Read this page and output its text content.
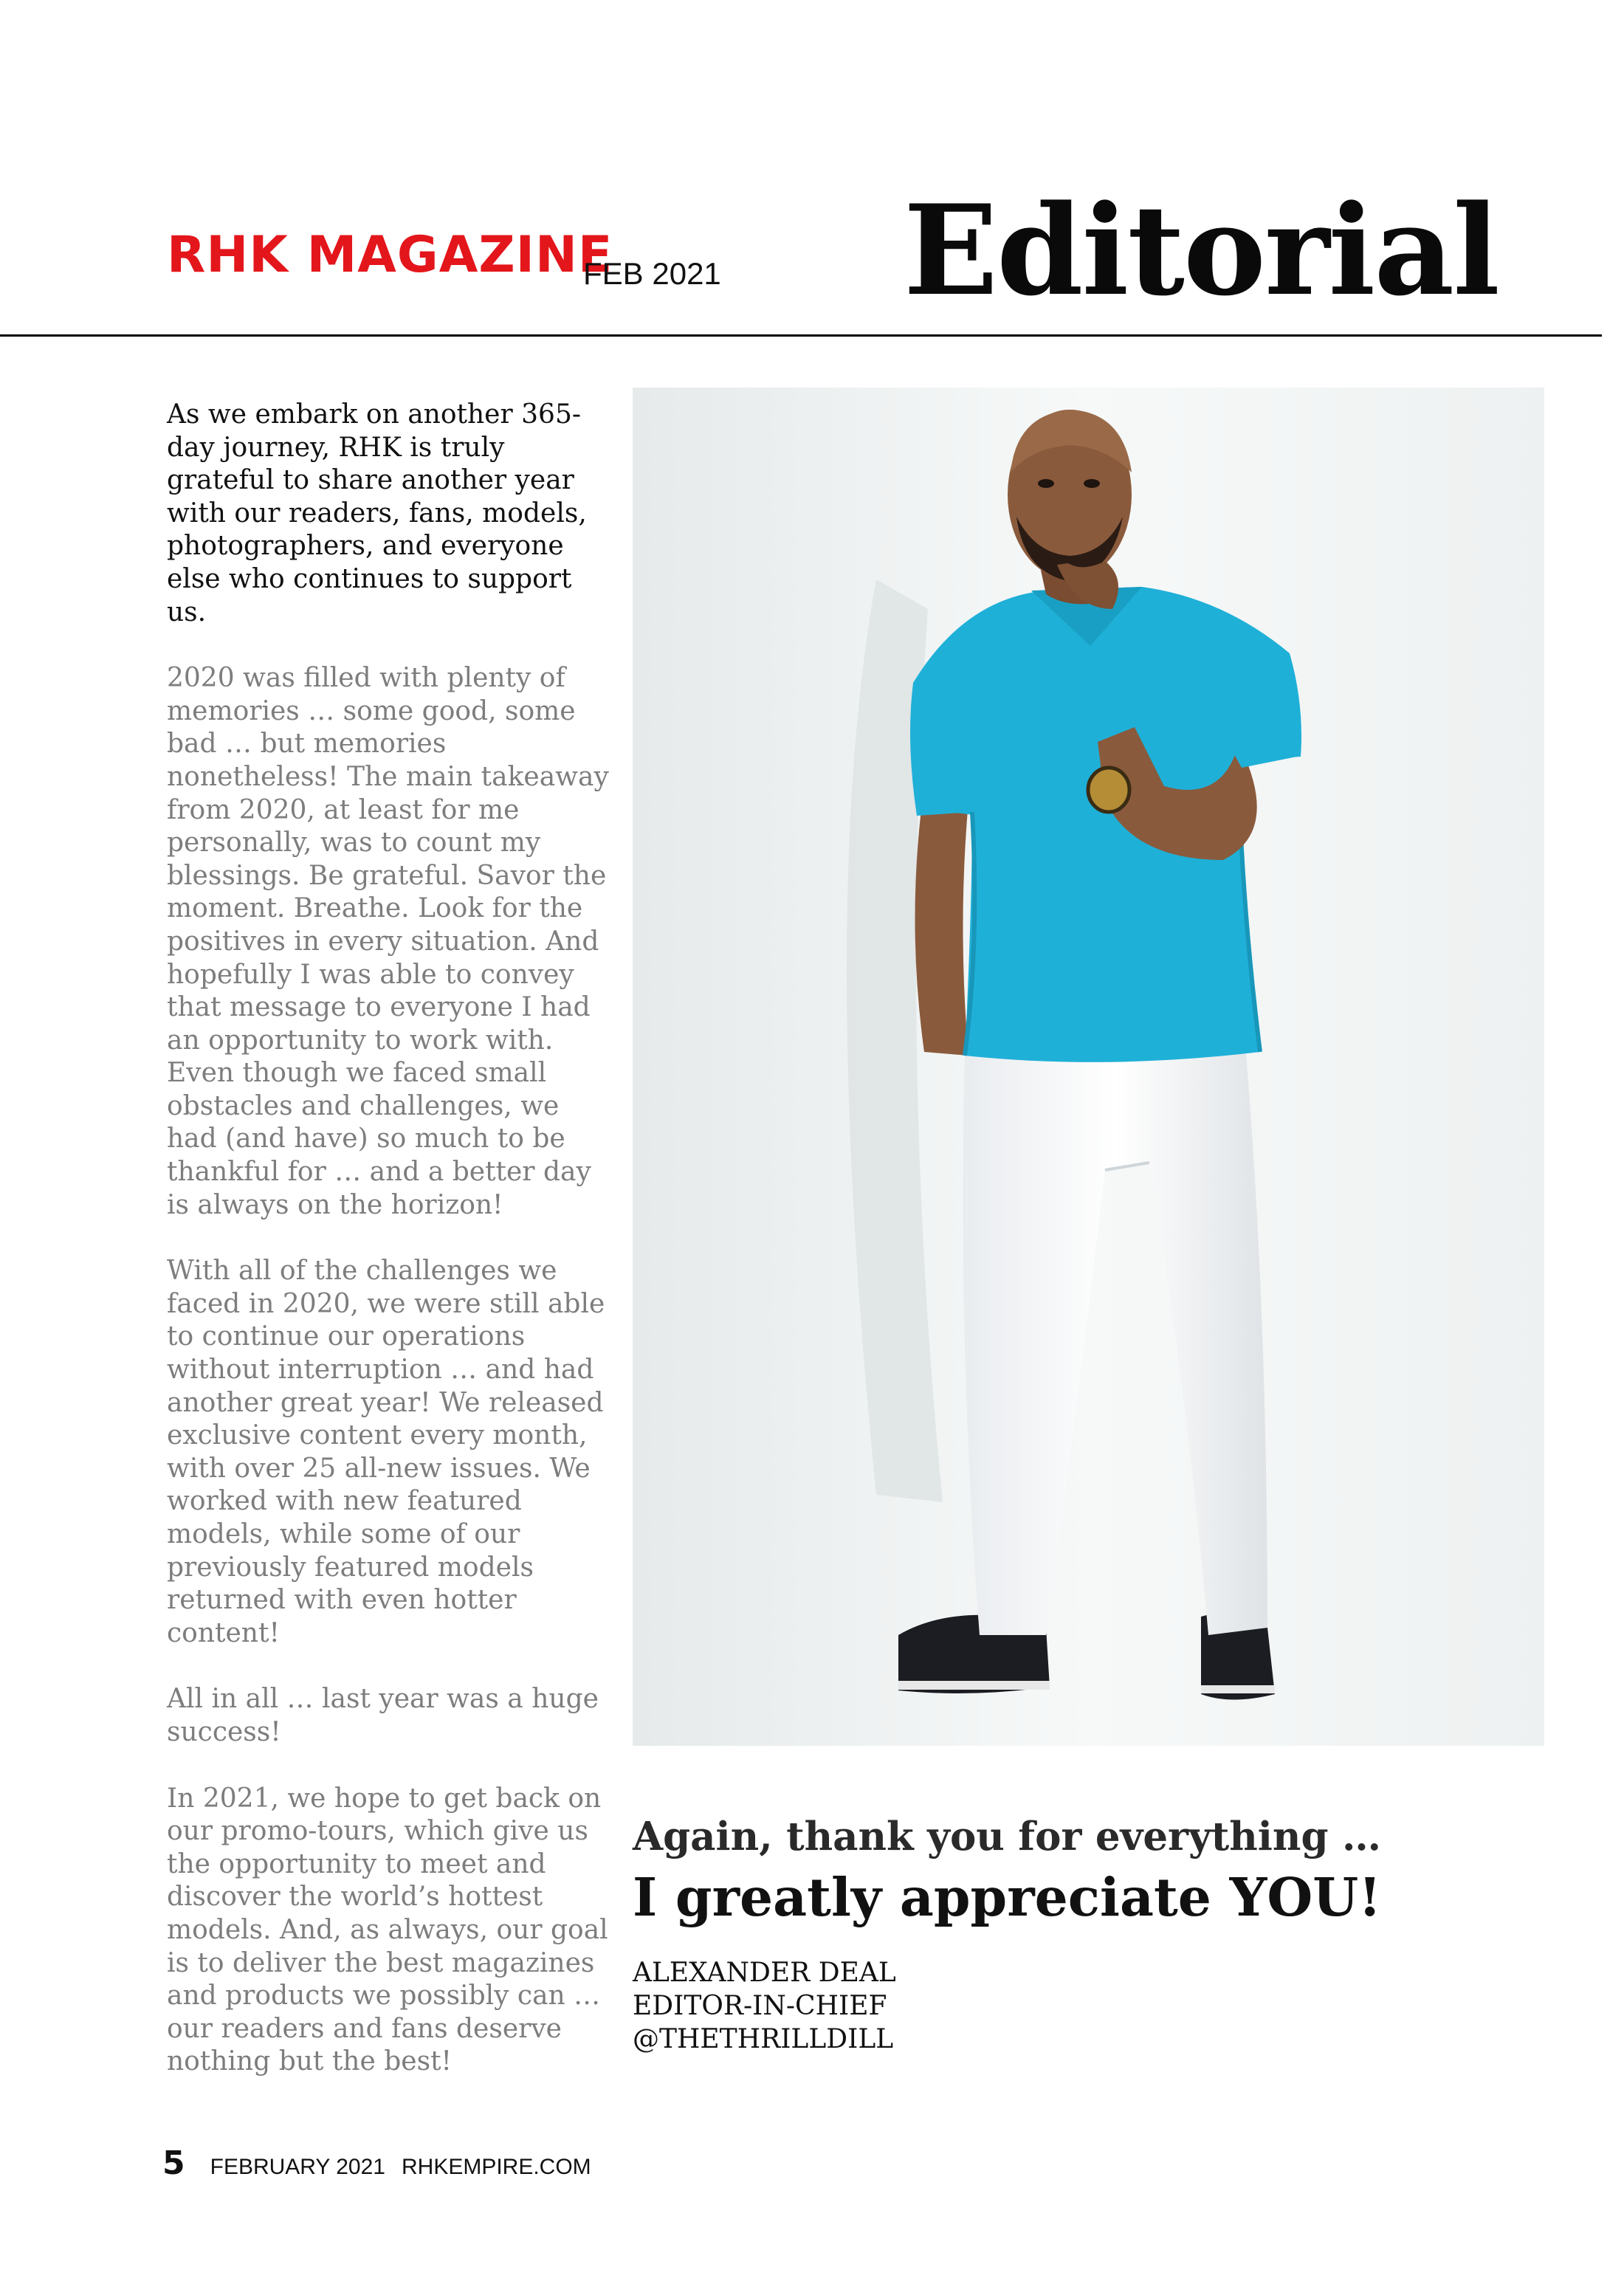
RHK MAGAZINE
FEB 2021 Editorial

As we embark on another 365-day journey, RHK is truly grateful to share another year with our readers, fans, models, photographers, and everyone else who continues to support us.

2020 was filled with plenty of memories … some good, some bad … but memories nonetheless! The main takeaway from 2020, at least for me personally, was to count my blessings. Be grateful. Savor the moment. Breathe. Look for the positives in every situation. And hopefully I was able to convey that message to everyone I had an opportunity to work with. Even though we faced small obstacles and challenges, we had (and have) so much to be thankful for … and a better day is always on the horizon!

With all of the challenges we faced in 2020, we were still able to continue our operations without interruption … and had another great year! We released exclusive content every month, with over 25 all-new issues. We worked with new featured models, while some of our previously featured models returned with even hotter content!

All in all … last year was a huge success!

In 2021, we hope to get back on our promo-tours, which give us the opportunity to meet and discover the world’s hottest models. And, as always, our goal is to deliver the best magazines and products we possibly can … our readers and fans deserve nothing but the best!

Again, thank you for everything …
I greatly appreciate YOU!
ALEXANDER DEAL
EDITOR-IN-CHIEF
@THETHRILLDILL
5 FEBRUARY 2021 RHKEMPIRE.COM
